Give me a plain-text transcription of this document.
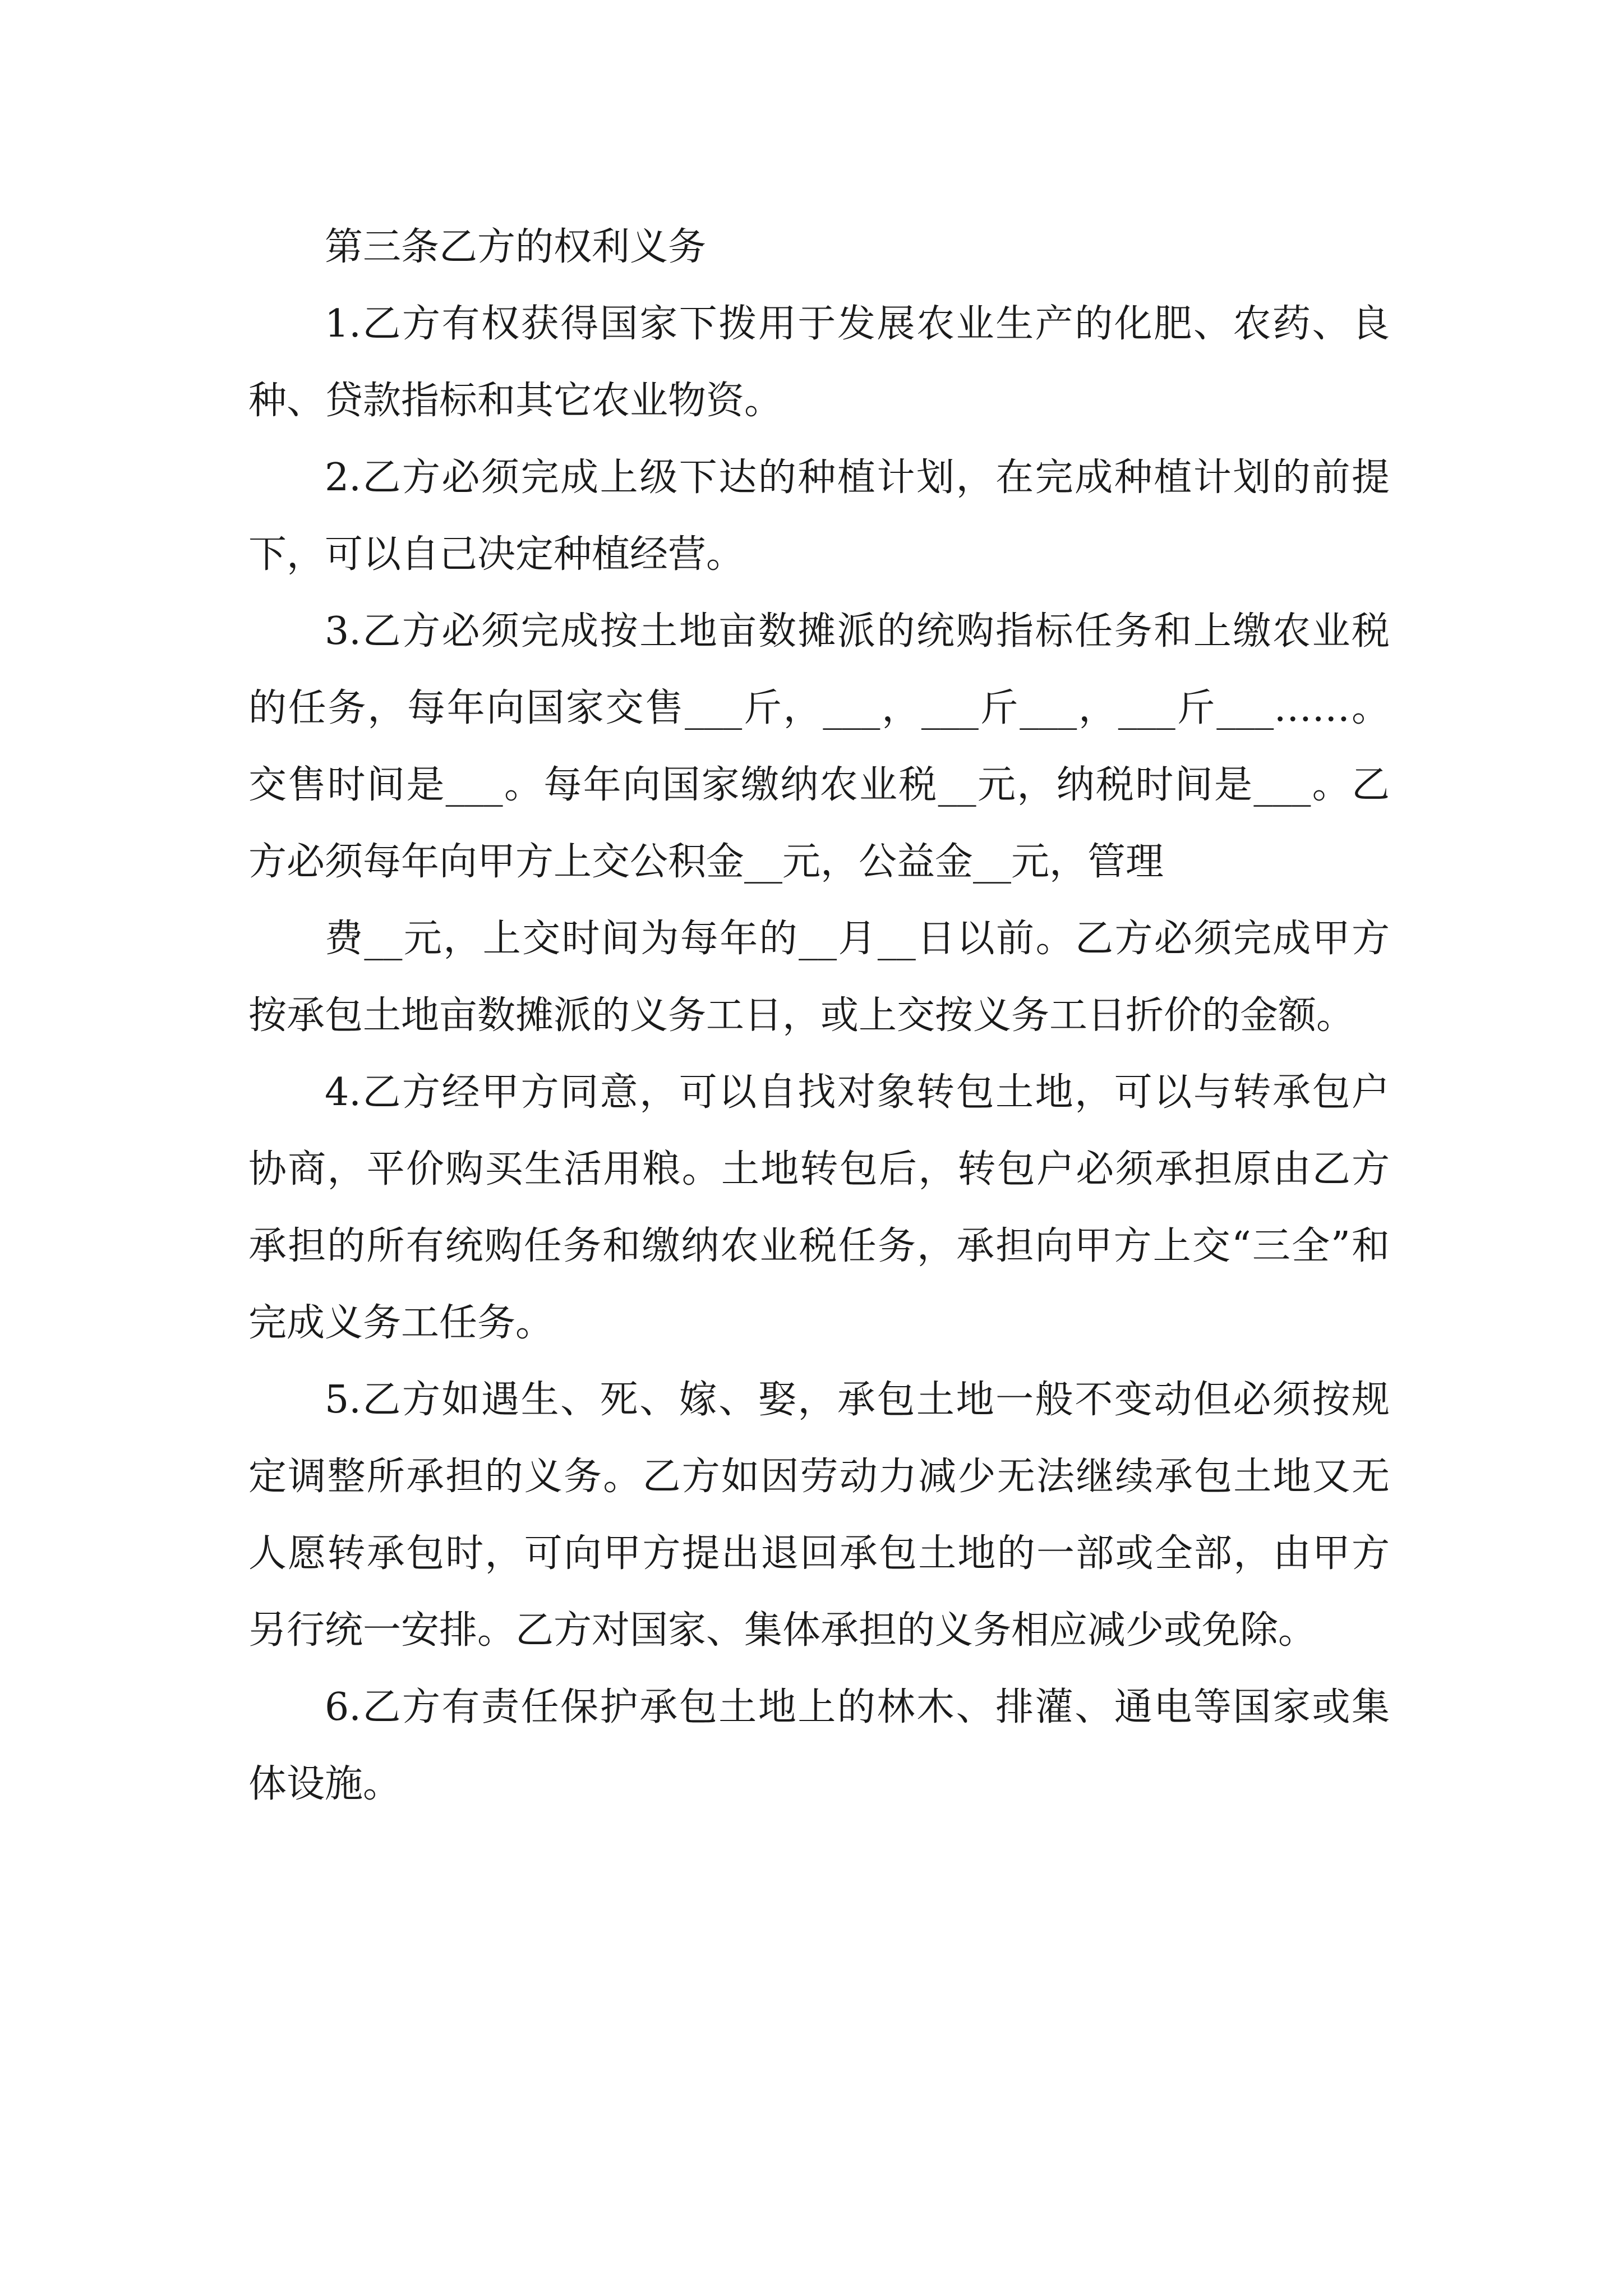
第三条乙方的权利义务

1.乙方有权获得国家下拨用于发展农业生产的化肥、农药、良种、贷款指标和其它农业物资。

2.乙方必须完成上级下达的种植计划，在完成种植计划的前提下，可以自己决定种植经营。

3.乙方必须完成按土地亩数摊派的统购指标任务和上缴农业税的任务，每年向国家交售___斤，___，___斤___，___斤___……。交售时间是___。每年向国家缴纳农业税__元，纳税时间是___。乙方必须每年向甲方上交公积金__元，公益金__元，管理

费__元，上交时间为每年的__月__日以前。乙方必须完成甲方按承包土地亩数摊派的义务工日，或上交按义务工日折价的金额。

4.乙方经甲方同意，可以自找对象转包土地，可以与转承包户协商，平价购买生活用粮。土地转包后，转包户必须承担原由乙方承担的所有统购任务和缴纳农业税任务，承担向甲方上交“三全”和完成义务工任务。

5.乙方如遇生、死、嫁、娶，承包土地一般不变动但必须按规定调整所承担的义务。乙方如因劳动力减少无法继续承包土地又无人愿转承包时，可向甲方提出退回承包土地的一部或全部，由甲方另行统一安排。乙方对国家、集体承担的义务相应减少或免除。

6.乙方有责任保护承包土地上的林木、排灌、通电等国家或集体设施。
